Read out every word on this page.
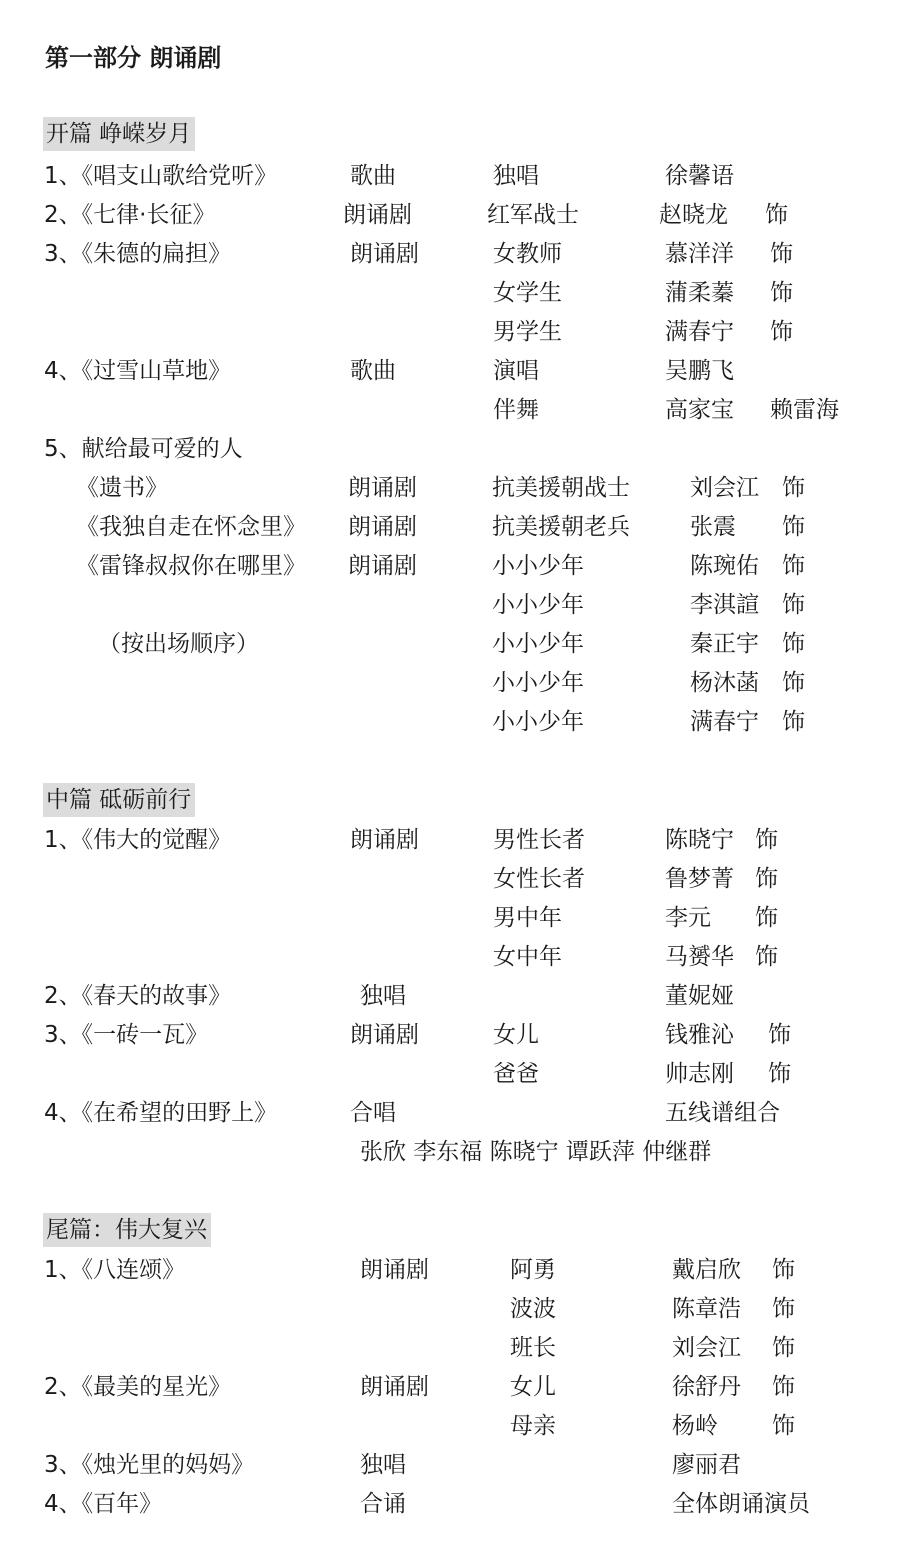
第一部分 朗诵剧
开篇 峥嵘岁月
中篇 砥砺前行
尾篇：伟大复兴
1、《唱支山歌给党听》	歌曲	独唱	徐馨语
2、《七律·长征》	朗诵剧	红军战士	赵晓龙 饰
3、《朱德的扁担》	朗诵剧	女教师	慕洋洋 饰
女学生	蒲柔蓁 饰
男学生	满春宁 饰
4、《过雪山草地》	歌曲	演唱	吴鹏飞
伴舞	高家宝 赖雷海
5、献给最可爱的人
《遗书》	朗诵剧	抗美援朝战士	刘会江 饰
《我独自走在怀念里》 朗诵剧	抗美援朝老兵	张震 饰
《雷锋叔叔你在哪里》 朗诵剧	小小少年	陈琬佑 饰
小小少年	李淇諠 饰
（按出场顺序）	小小少年	秦正宇 饰
小小少年	杨沐菡 饰
小小少年	满春宁 饰
1、《伟大的觉醒》	朗诵剧	男性长者	陈晓宁 饰
女性长者	鲁梦菁 饰
男中年	李元 饰
女中年	马赟华 饰
2、《春天的故事》	独唱	董妮娅
3、《一砖一瓦》	朗诵剧	女儿	钱雅沁 饰
爸爸	帅志刚 饰
4、《在希望的田野上》	合唱	五线谱组合
张欣 李东福 陈晓宁 谭跃萍 仲继群
1、《八连颂》	朗诵剧	阿勇	戴启欣 饰
波波	陈章浩 饰
班长	刘会江 饰
2、《最美的星光》	朗诵剧	女儿	徐舒丹 饰
母亲	杨岭 饰
3、《烛光里的妈妈》	独唱	廖丽君
4、《百年》	合诵	全体朗诵演员
